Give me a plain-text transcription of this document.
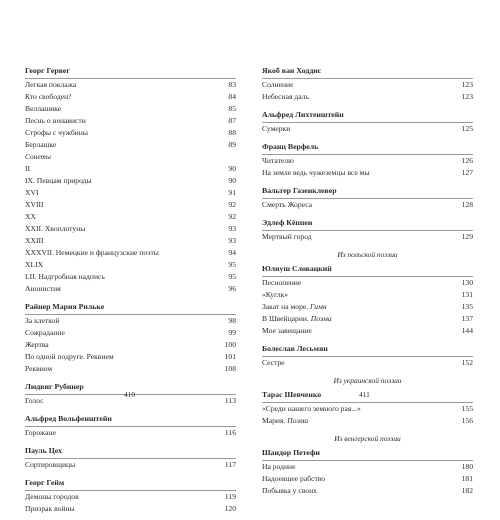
Георг Гервег
Легкая поклажа	83
Кто свободен?	84
Веллашике	85
Песнь о ненависти	87
Строфы с чужбины	88
Берлашке	89
Сонеты
II	90
IX. Певцам природы	90
XVI	91
XVIII	92
XX	92
XXII. Хвоплотуны	93
XXIII	93
XXXVII. Немецкие и французские поэты	94
XLIX	95
LII. Надгробная надпись	95
Анонистия	96
Райнер Мария Рильке
За клеткой	98
Сожрадание	99
Жертва	100
По одной подруге. Реквием	101
Реквием	108
Людвиг Рубинер
Голос	113
Альфред Вольфенштейн
Горожане	116
Пауль Цех
Сортировщицы	117
Георг Гейм
Демоны городов	119
Призрак войны	120
Якоб ван Ходдис
Солнение	123
Небесная даль	123
Альфред Лихтенштейн
Сумерки	125
Франц Верфель
Читателю	126
На земле ведь чужеземцы все мы	127
Вальтер Газенклевер
Смерть Жореса	128
Эдлеф Кёппен
Мертвый город	129
Из польской поэзии
Юлиуш Словацкий
Песнопение	130
«Куглк»	131
Закат на море. Гимн	135
В Швейцарии. Поэма	137
Мое завещание	144
Болеслав Лесьмян
Сестре	152
Из украинской поэзии
Тарас Шевченко
«Среди нашего земного рая...»	155
Мария. Поэма	156
Из венгерской поэзии
Шандор Петефи
На родине	180
Надоевшее рабство	181
Побывка у своих	182
410	411
